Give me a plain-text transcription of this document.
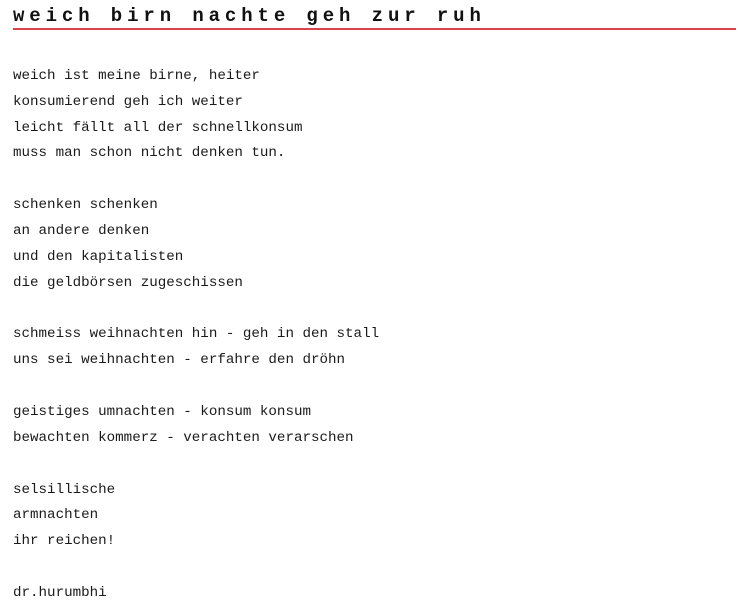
weich birn nachte geh zur ruh
weich ist meine birne, heiter
konsumierend geh ich weiter
leicht fällt all der schnellkonsum
muss man schon nicht denken tun.
schenken schenken
an andere denken
und den kapitalisten
die geldbörsen zugeschissen
schmeiss weihnachten hin - geh in den stall
uns sei weihnachten - erfahre den dröhn
geistiges umnachten - konsum konsum
bewachten kommerz - verachten verarschen
selsillische
armnachten
ihr reichen!
dr.hurumbhi
